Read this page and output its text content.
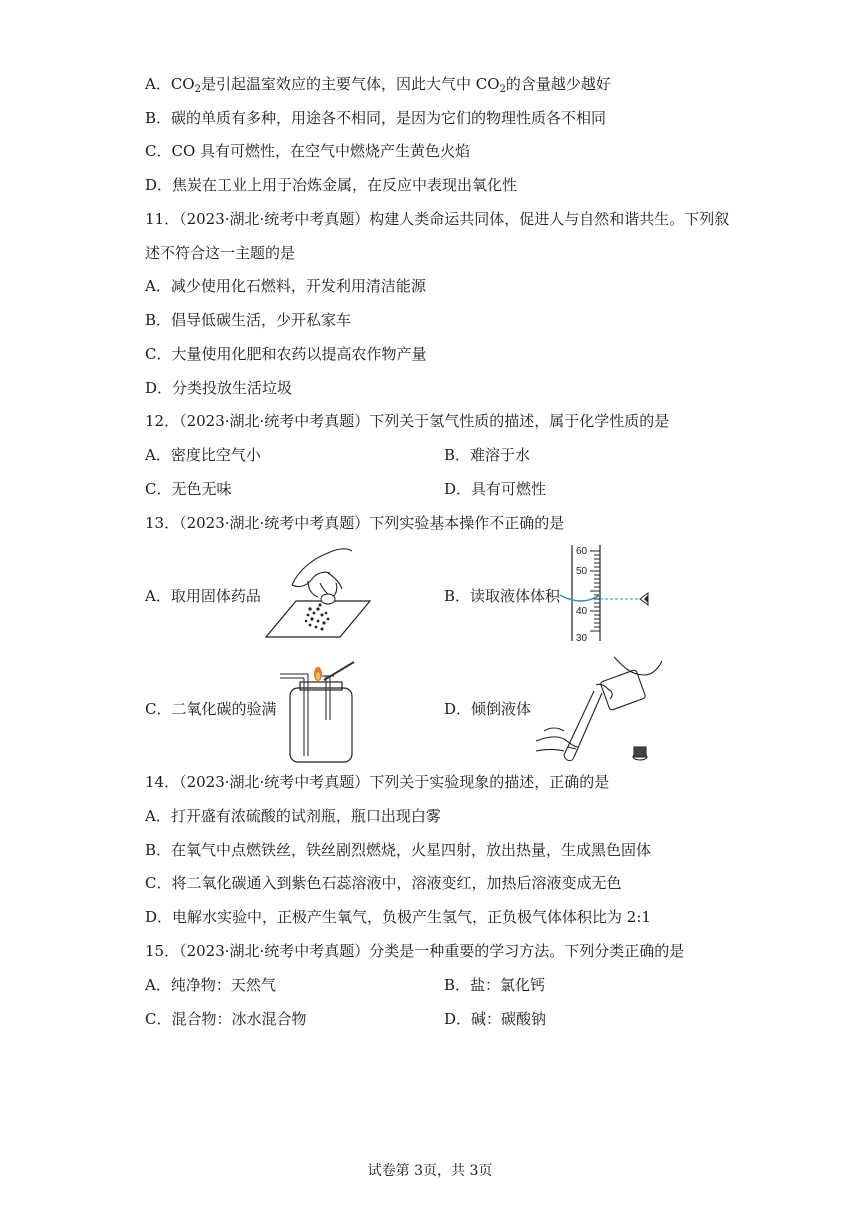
A．$CO_2$是引起温室效应的主要气体，因此大气中 $CO_2$的含量越少越好
B．碳的单质有多种，用途各不相同，是因为它们的物理性质各不相同
C．CO 具有可燃性，在空气中燃烧产生黄色火焰
D．焦炭在工业上用于冶炼金属，在反应中表现出氧化性
11．（2023·湖北·统考中考真题）构建人类命运共同体，促进人与自然和谐共生。下列叙
述不符合这一主题的是
A．减少使用化石燃料，开发利用清洁能源
B．倡导低碳生活，少开私家车
C．大量使用化肥和农药以提高农作物产量
D．分类投放生活垃圾
12．（2023·湖北·统考中考真题）下列关于氢气性质的描述，属于化学性质的是
A．密度比空气小	B．难溶于水
C．无色无味	D．具有可燃性
13．（2023·湖北·统考中考真题）下列实验基本操作不正确的是
A．取用固体药品	B．读取液体体积
C．二氧化碳的验满	D．倾倒液体
60
50
40
30
14．（2023·湖北·统考中考真题）下列关于实验现象的描述，正确的是
A．打开盛有浓硫酸的试剂瓶，瓶口出现白雾
B．在氧气中点燃铁丝，铁丝剧烈燃烧，火星四射，放出热量，生成黑色固体
C．将二氧化碳通入到紫色石蕊溶液中，溶液变红，加热后溶液变成无色
D．电解水实验中，正极产生氧气，负极产生氢气，正负极气体体积比为 2:1
15．（2023·湖北·统考中考真题）分类是一种重要的学习方法。下列分类正确的是
A．纯净物：天然气	B．盐：氯化钙
C．混合物：冰水混合物	D．碱：碳酸钠
试卷第 3页，共 3页
